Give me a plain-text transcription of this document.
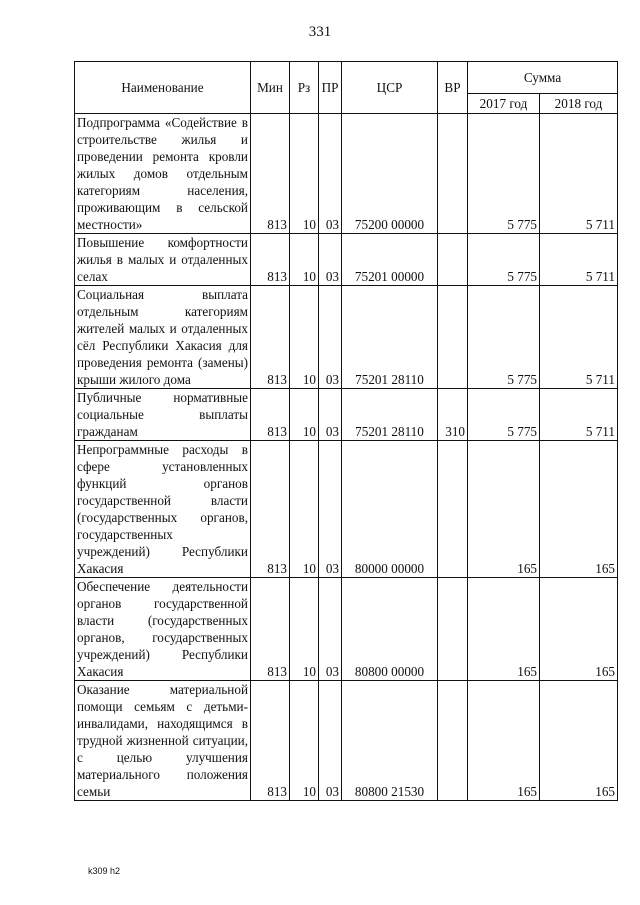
331
Наименование	Мин	Рз	ПР	ЦСР	ВР	Сумма	
						2017 год	2018 год
Подпрограмма «Содействие в строительстве жилья и проведении ремонта кровли жилых домов отдельным категориям населения, проживающим в сельской местности»	813	10	03	75200 00000		5 775	5 711
Повышение комфортности жилья в малых и отдаленных селах	813	10	03	75201 00000		5 775	5 711
Социальная выплата отдельным категориям жителей малых и отдаленных сёл Республики Хакасия для проведения ремонта (замены) крыши жилого дома	813	10	03	75201 28110		5 775	5 711
Публичные нормативные социальные выплаты гражданам	813	10	03	75201 28110	310	5 775	5 711
Непрограммные расходы в сфере установленных функций органов государственной власти (государственных органов, государственных учреждений) Республики Хакасия	813	10	03	80000 00000		165	165
Обеспечение деятельности органов государственной власти (государственных органов, государственных учреждений) Республики Хакасия	813	10	03	80800 00000		165	165
Оказание материальной помощи семьям с детьми-инвалидами, находящимся в трудной жизненной ситуации, с целью улучшения материального положения семьи	813	10	03	80800 21530		165	165
k309 h2
